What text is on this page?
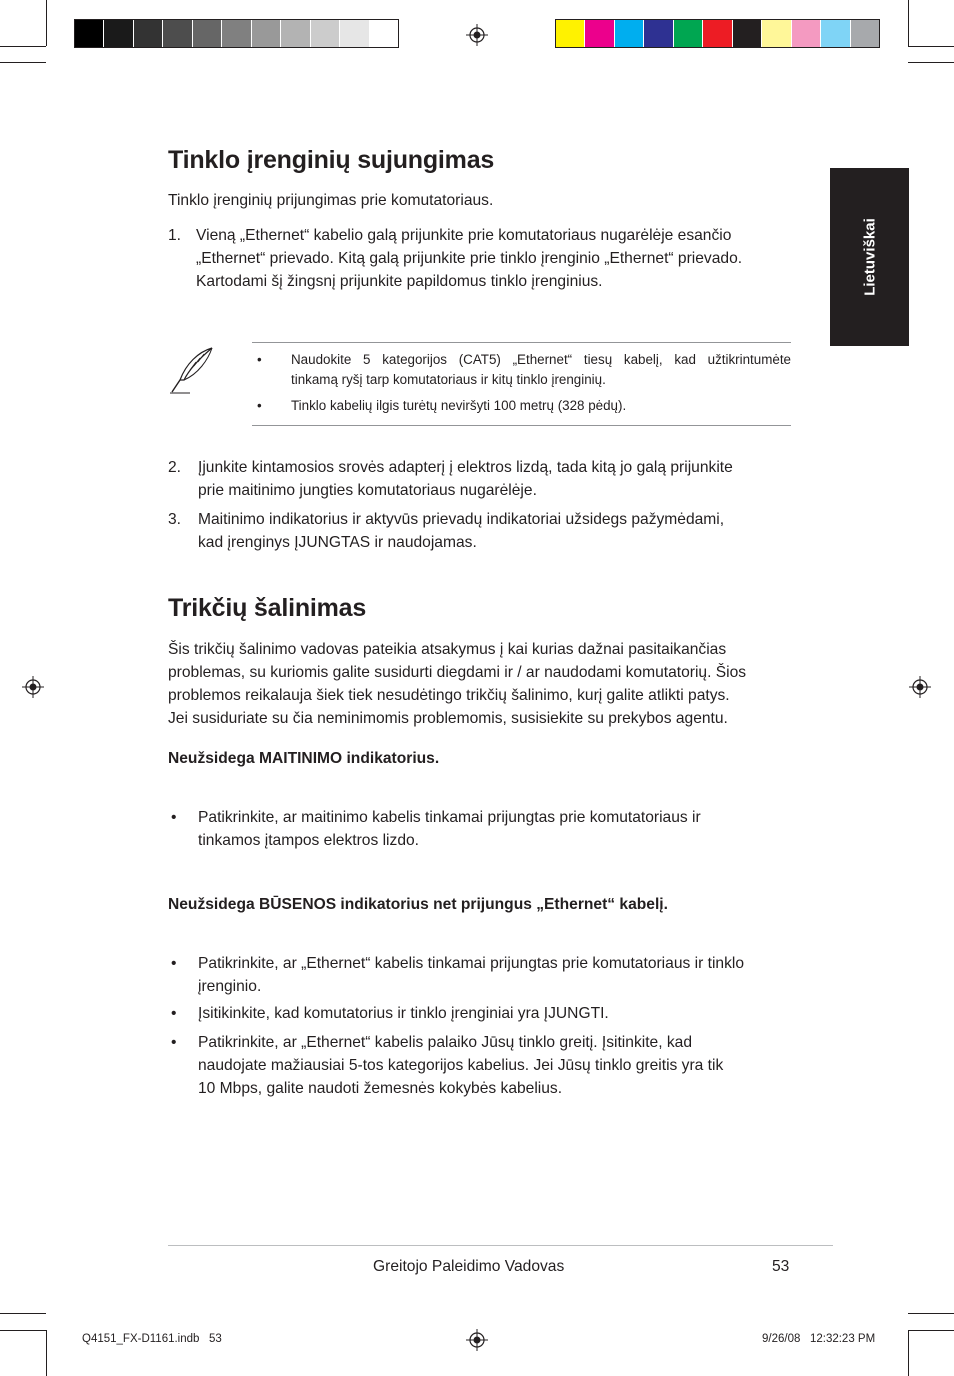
Lietuviškai
Tinklo įrenginių sujungimas

Tinklo įrenginių prijungimas prie komutatoriaus.

1. Vieną „Ethernet“ kabelio galą prijunkite prie komutatoriaus nugarėlėje esančio
„Ethernet“ prievado. Kitą galą prijunkite prie tinklo įrenginio „Ethernet“ prievado.
Kartodami šį žingsnį prijunkite papildomus tinklo įrenginius.
• Naudokite 5 kategorijos (CAT5) „Ethernet“ tiesų kabelį, kad užtikrintumėte
tinkamą ryšį tarp komutatoriaus ir kitų tinklo įrenginių.
• Tinklo kabelių ilgis turėtų neviršyti 100 metrų (328 pėdų).
2. Įjunkite kintamosios srovės adapterį į elektros lizdą, tada kitą jo galą prijunkite
prie maitinimo jungties komutatoriaus nugarėlėje.
3. Maitinimo indikatorius ir aktyvūs prievadų indikatoriai užsidegs pažymėdami,
kad įrenginys ĮJUNGTAS ir naudojamas.
Trikčių šalinimas
Šis trikčių šalinimo vadovas pateikia atsakymus į kai kurias dažnai pasitaikančias
problemas, su kuriomis galite susidurti diegdami ir / ar naudodami komutatorių. Šios
problemos reikalauja šiek tiek nesudėtingo trikčių šalinimo, kurį galite atlikti patys.
Jei susiduriate su čia neminimomis problemomis, susisiekite su prekybos agentu.
Neužsidega MAITINIMO indikatorius.
• Patikrinkite, ar maitinimo kabelis tinkamai prijungtas prie komutatoriaus ir
tinkamos įtampos elektros lizdo.
Neužsidega BŪSENOS indikatorius net prijungus „Ethernet“ kabelį.
• Patikrinkite, ar „Ethernet“ kabelis tinkamai prijungtas prie komutatoriaus ir tinklo
įrenginio.
• Įsitikinkite, kad komutatorius ir tinklo įrenginiai yra ĮJUNGTI.
• Patikrinkite, ar „Ethernet“ kabelis palaiko Jūsų tinklo greitį. Įsitinkite, kad
naudojate mažiausiai 5-tos kategorijos kabelius. Jei Jūsų tinklo greitis yra tik
10 Mbps, galite naudoti žemesnės kokybės kabelius.
Greitojo Paleidimo Vadovas	53
Q4151_FX-D1161.indb   53	9/26/08   12:32:23 PM
